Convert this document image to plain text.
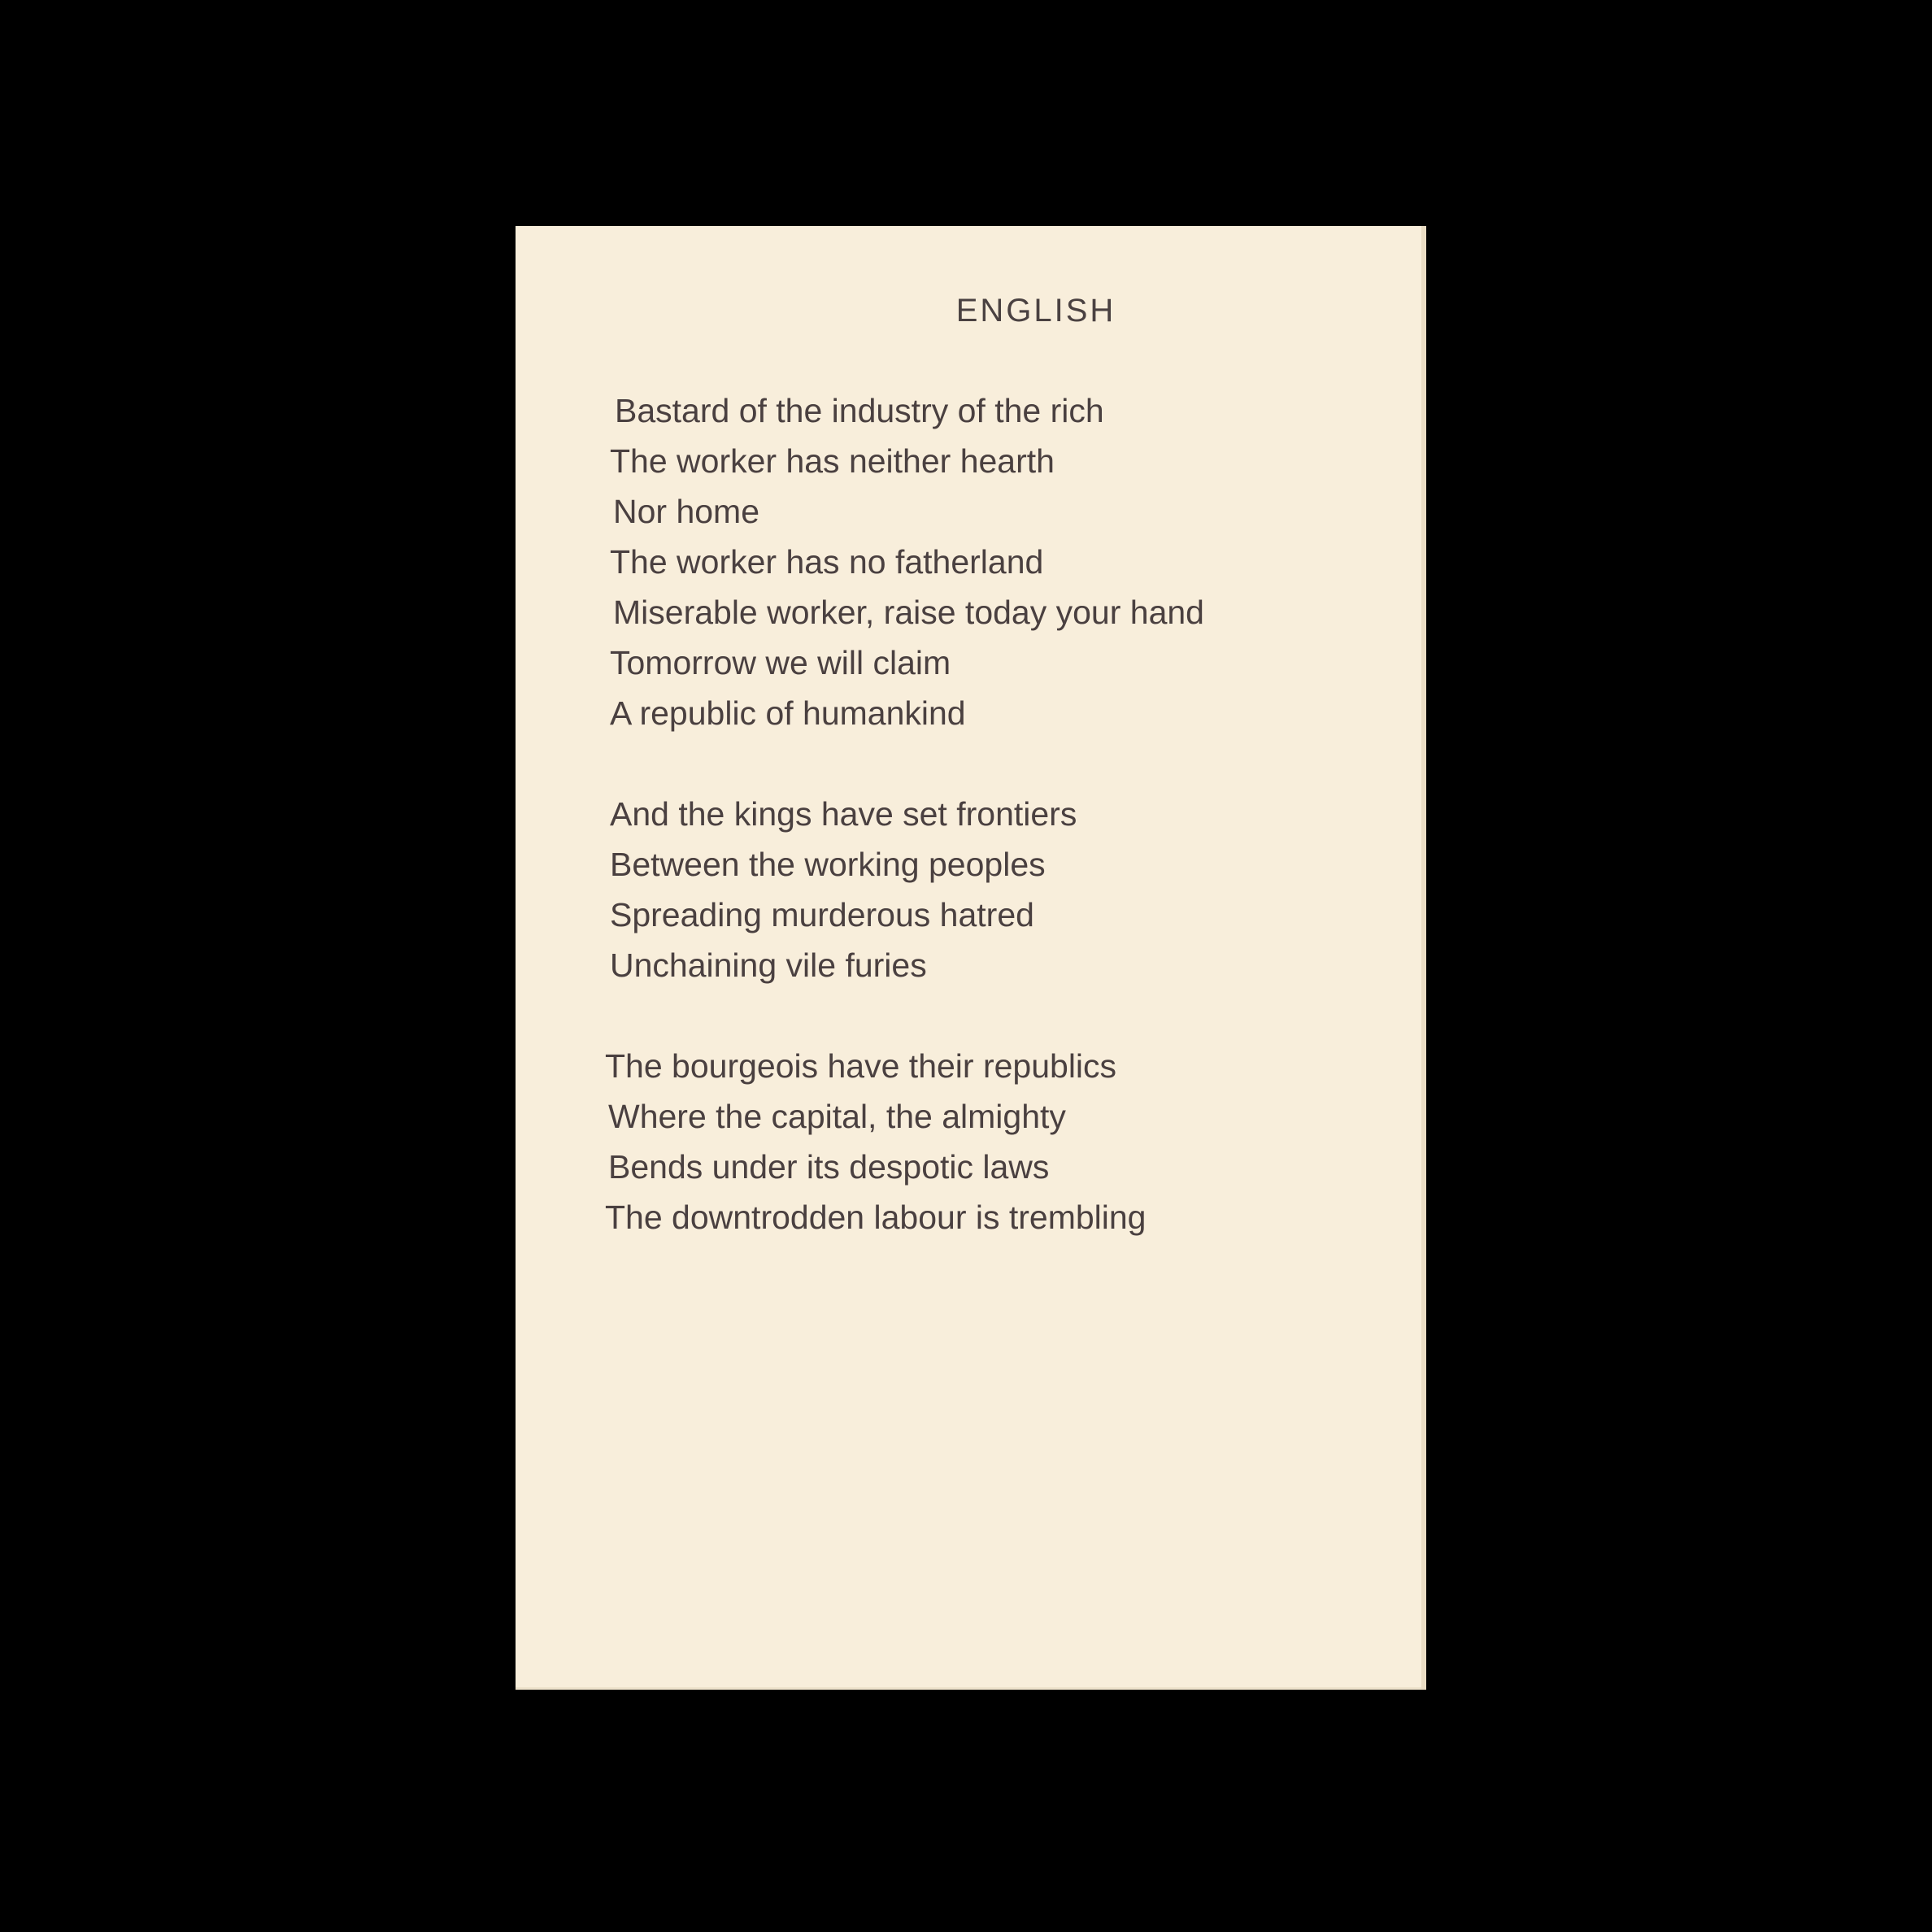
ENGLISH
Bastard of the industry of the rich
The worker has neither hearth
Nor home
The worker has no fatherland
Miserable worker, raise today your hand
Tomorrow we will claim
A republic of humankind
And the kings have set frontiers
Between the working peoples
Spreading murderous hatred
Unchaining vile furies
The bourgeois have their republics
Where the capital, the almighty
Bends under its despotic laws
The downtrodden labour is trembling
